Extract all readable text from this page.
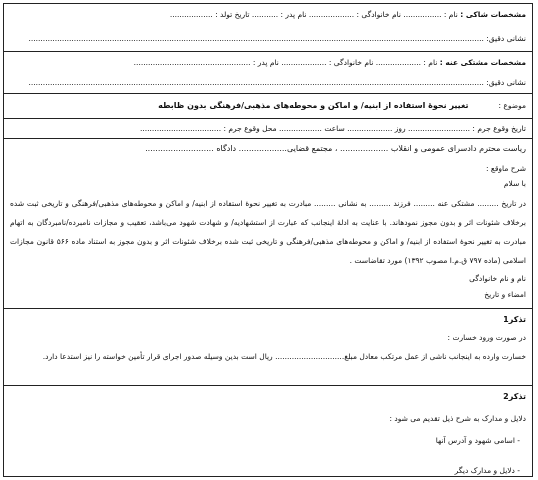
مشخصات شاکی : نام : ................ نام خانوادگی : ................... نام پدر : ........... تاریخ تولد : ..................
نشانی دقیق: ...............................................................................................................................................................................................
مشخصات مشتکی عنه : نام : ................... نام خانوادگی : ................... نام پدر : .................................................
نشانی دقیق: ...............................................................................................................................................................................................
موضوع :
تغییر نحوۀ استفاده از ابنیه/ و اماکن و محوطه‌های مذهبی/فرهنگی بدون ظابطه
تاریخ وقوع جرم : .......................... روز ................... ساعت .................. محل وقوع جرم : ..................................
ریاست محترم دادسرای عمومی و انقلاب ................... ، مجتمع قضایی................... دادگاه ...........................
شرح ماوقع :
با سلام
در تاریخ ......... مشتکی عنه ......... فرزند ......... به نشانی ......... مبادرت به تغییر نحوۀ استفاده از ابنیه/ و اماکن و محوطه‌های مذهبی/فرهنگی و تاریخی ثبت شده برخلاف شئونات اثر و بدون مجوز نمودهاند. با عنایت به ادلۀ اینجانب که عبارت از استشهادیه/ و شهادت شهود می‌باشد، تعقیب و مجازات نامبرده/نامبردگان به اتهام مبادرت به تغییر نحوۀ استفاده از ابنیه/ و اماکن و محوطه‌های مذهبی/فرهنگی و تاریخی ثبت شده برخلاف شئونات اثر و بدون مجوز به استناد ماده ۵۶۶ قانون مجازات اسلامی (ماده ۷۹۷ ق.م.ا مصوب ۱۳۹۲) مورد تقاضاست .
نام و نام خانوادگی
امضاء و تاریخ
تذکر1
در صورت ورود خسارت :
خسارت وارده به اینجانب ناشی از عمل مرتکب معادل مبلغ............................. ریال است بدین وسیله صدور اجرای قرار تأمین خواسته را نیز استدعا دارد.
تذکر2
دلایل و مدارک به شرح ذیل تقدیم می شود :
- اسامی شهود و آدرس آنها
- دلایل و مدارک دیگر
